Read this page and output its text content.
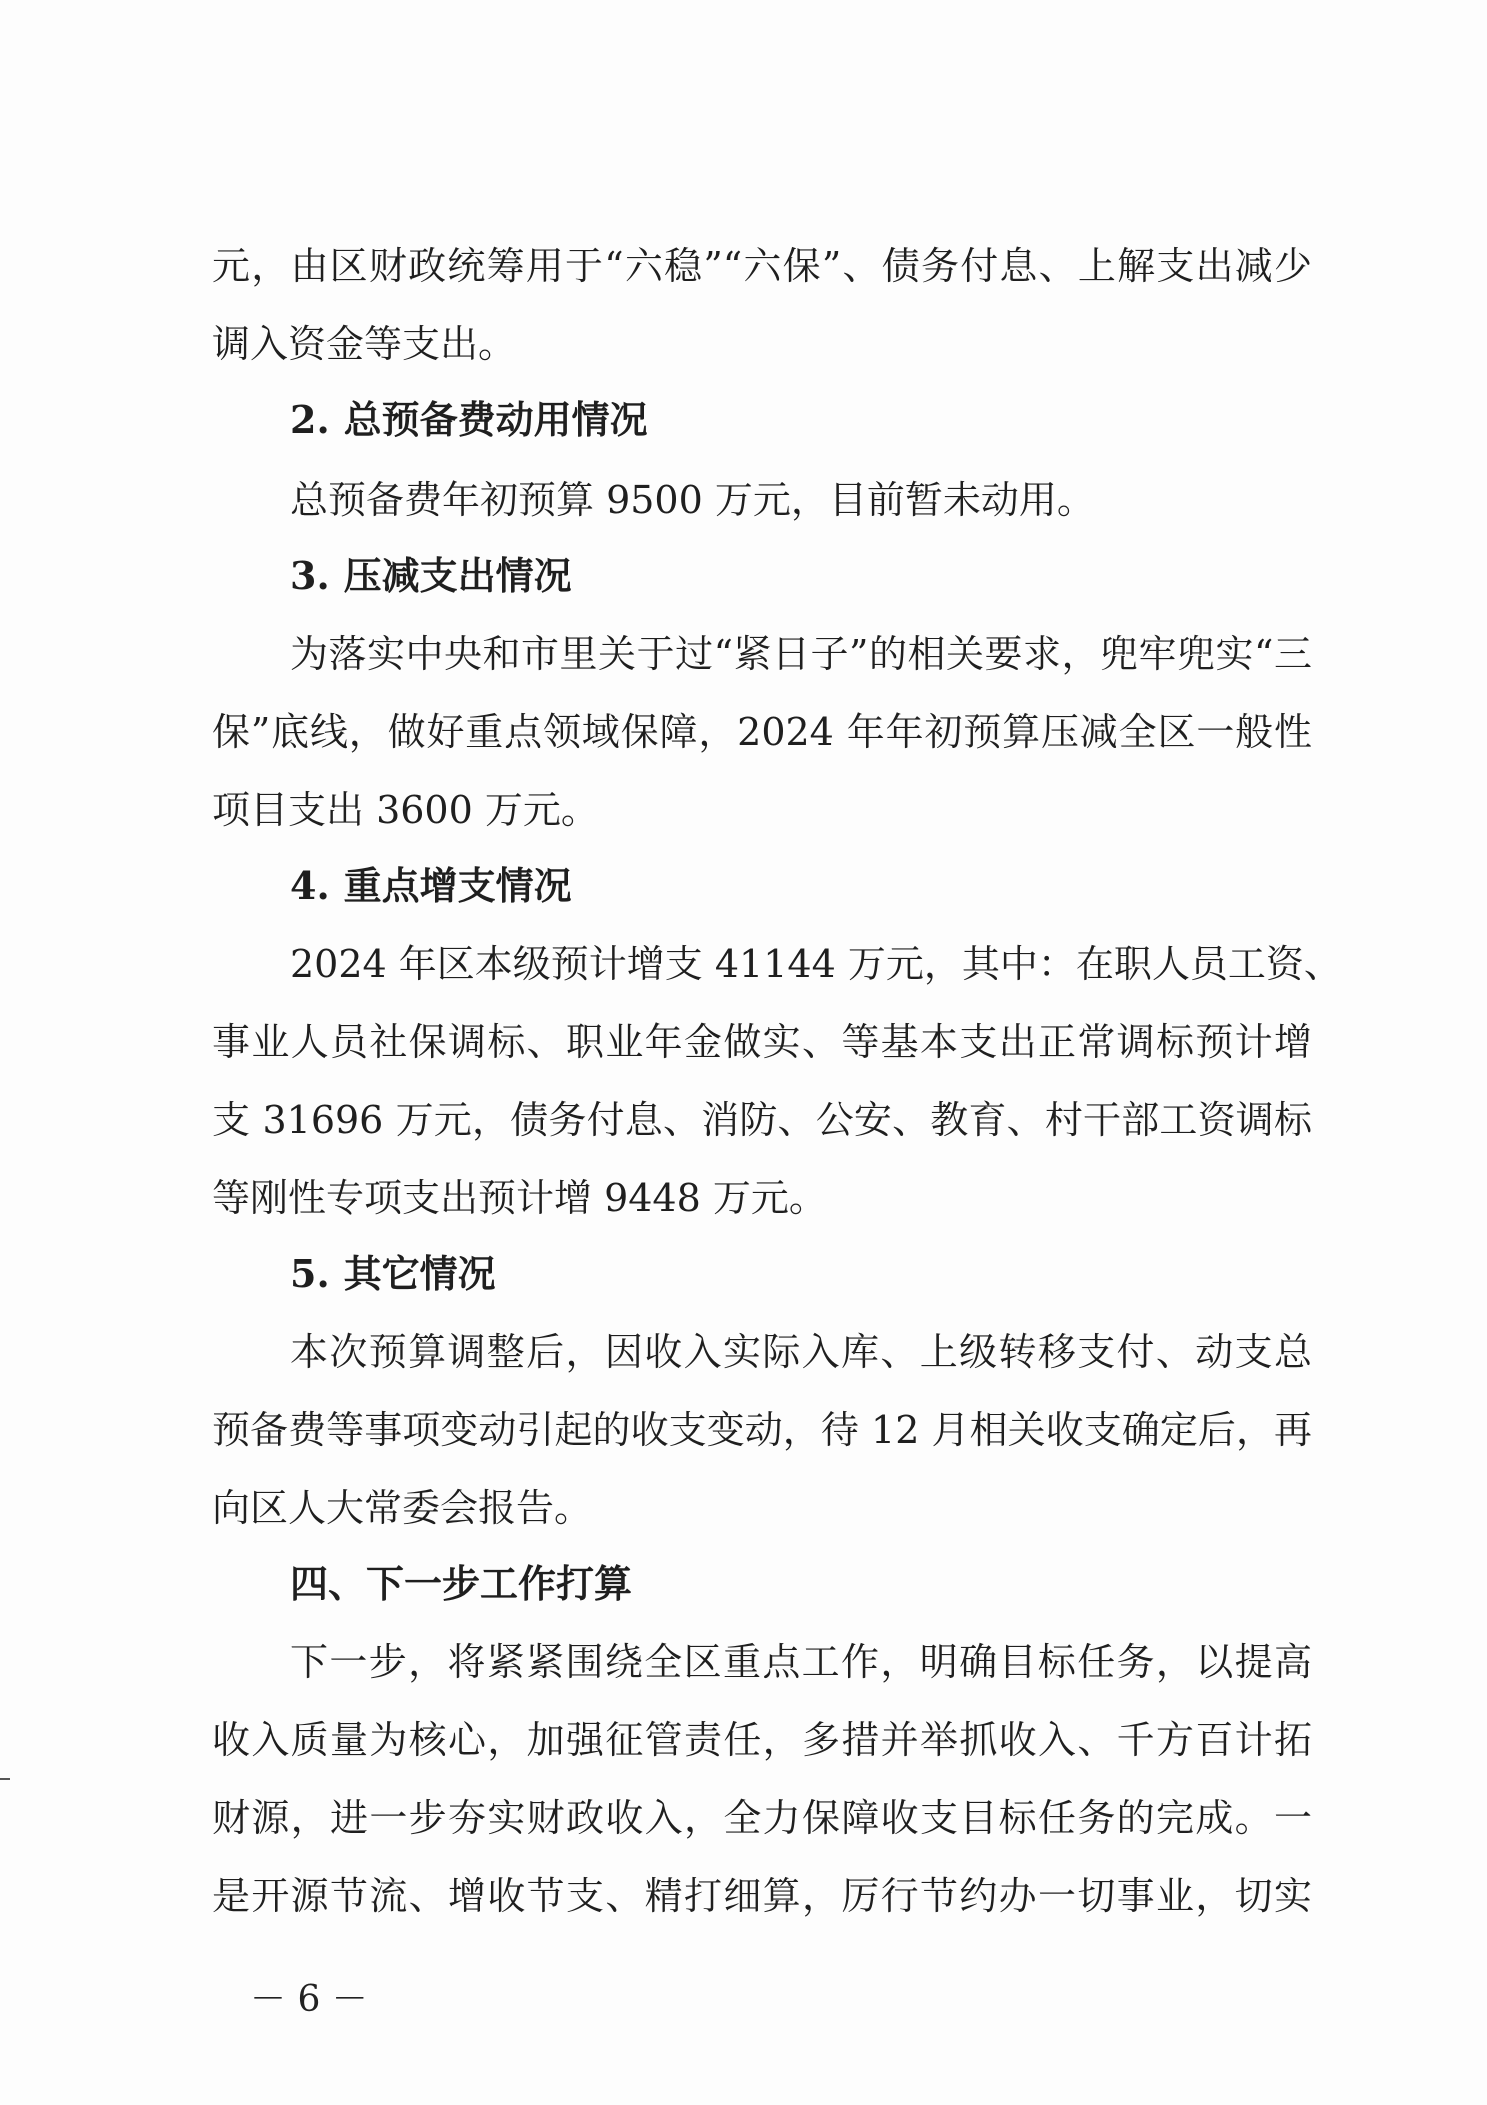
元，由区财政统筹用于“六稳”“六保”、债务付息、上解支出减少
调入资金等支出。
2. 总预备费动用情况
总预备费年初预算 9500 万元，目前暂未动用。
3. 压减支出情况
为落实中央和市里关于过“紧日子”的相关要求，兜牢兜实“三
保”底线，做好重点领域保障，2024 年年初预算压减全区一般性
项目支出 3600 万元。
4. 重点增支情况
2024 年区本级预计增支 41144 万元，其中：在职人员工资、
事业人员社保调标、职业年金做实、等基本支出正常调标预计增
支 31696 万元，债务付息、消防、公安、教育、村干部工资调标
等刚性专项支出预计增 9448 万元。
5. 其它情况
本次预算调整后，因收入实际入库、上级转移支付、动支总
预备费等事项变动引起的收支变动，待 12 月相关收支确定后，再
向区人大常委会报告。
四、下一步工作打算
下一步，将紧紧围绕全区重点工作，明确目标任务，以提高
收入质量为核心，加强征管责任，多措并举抓收入、千方百计拓
财源，进一步夯实财政收入，全力保障收支目标任务的完成。一
是开源节流、增收节支、精打细算，厉行节约办一切事业，切实
－ 6 －
